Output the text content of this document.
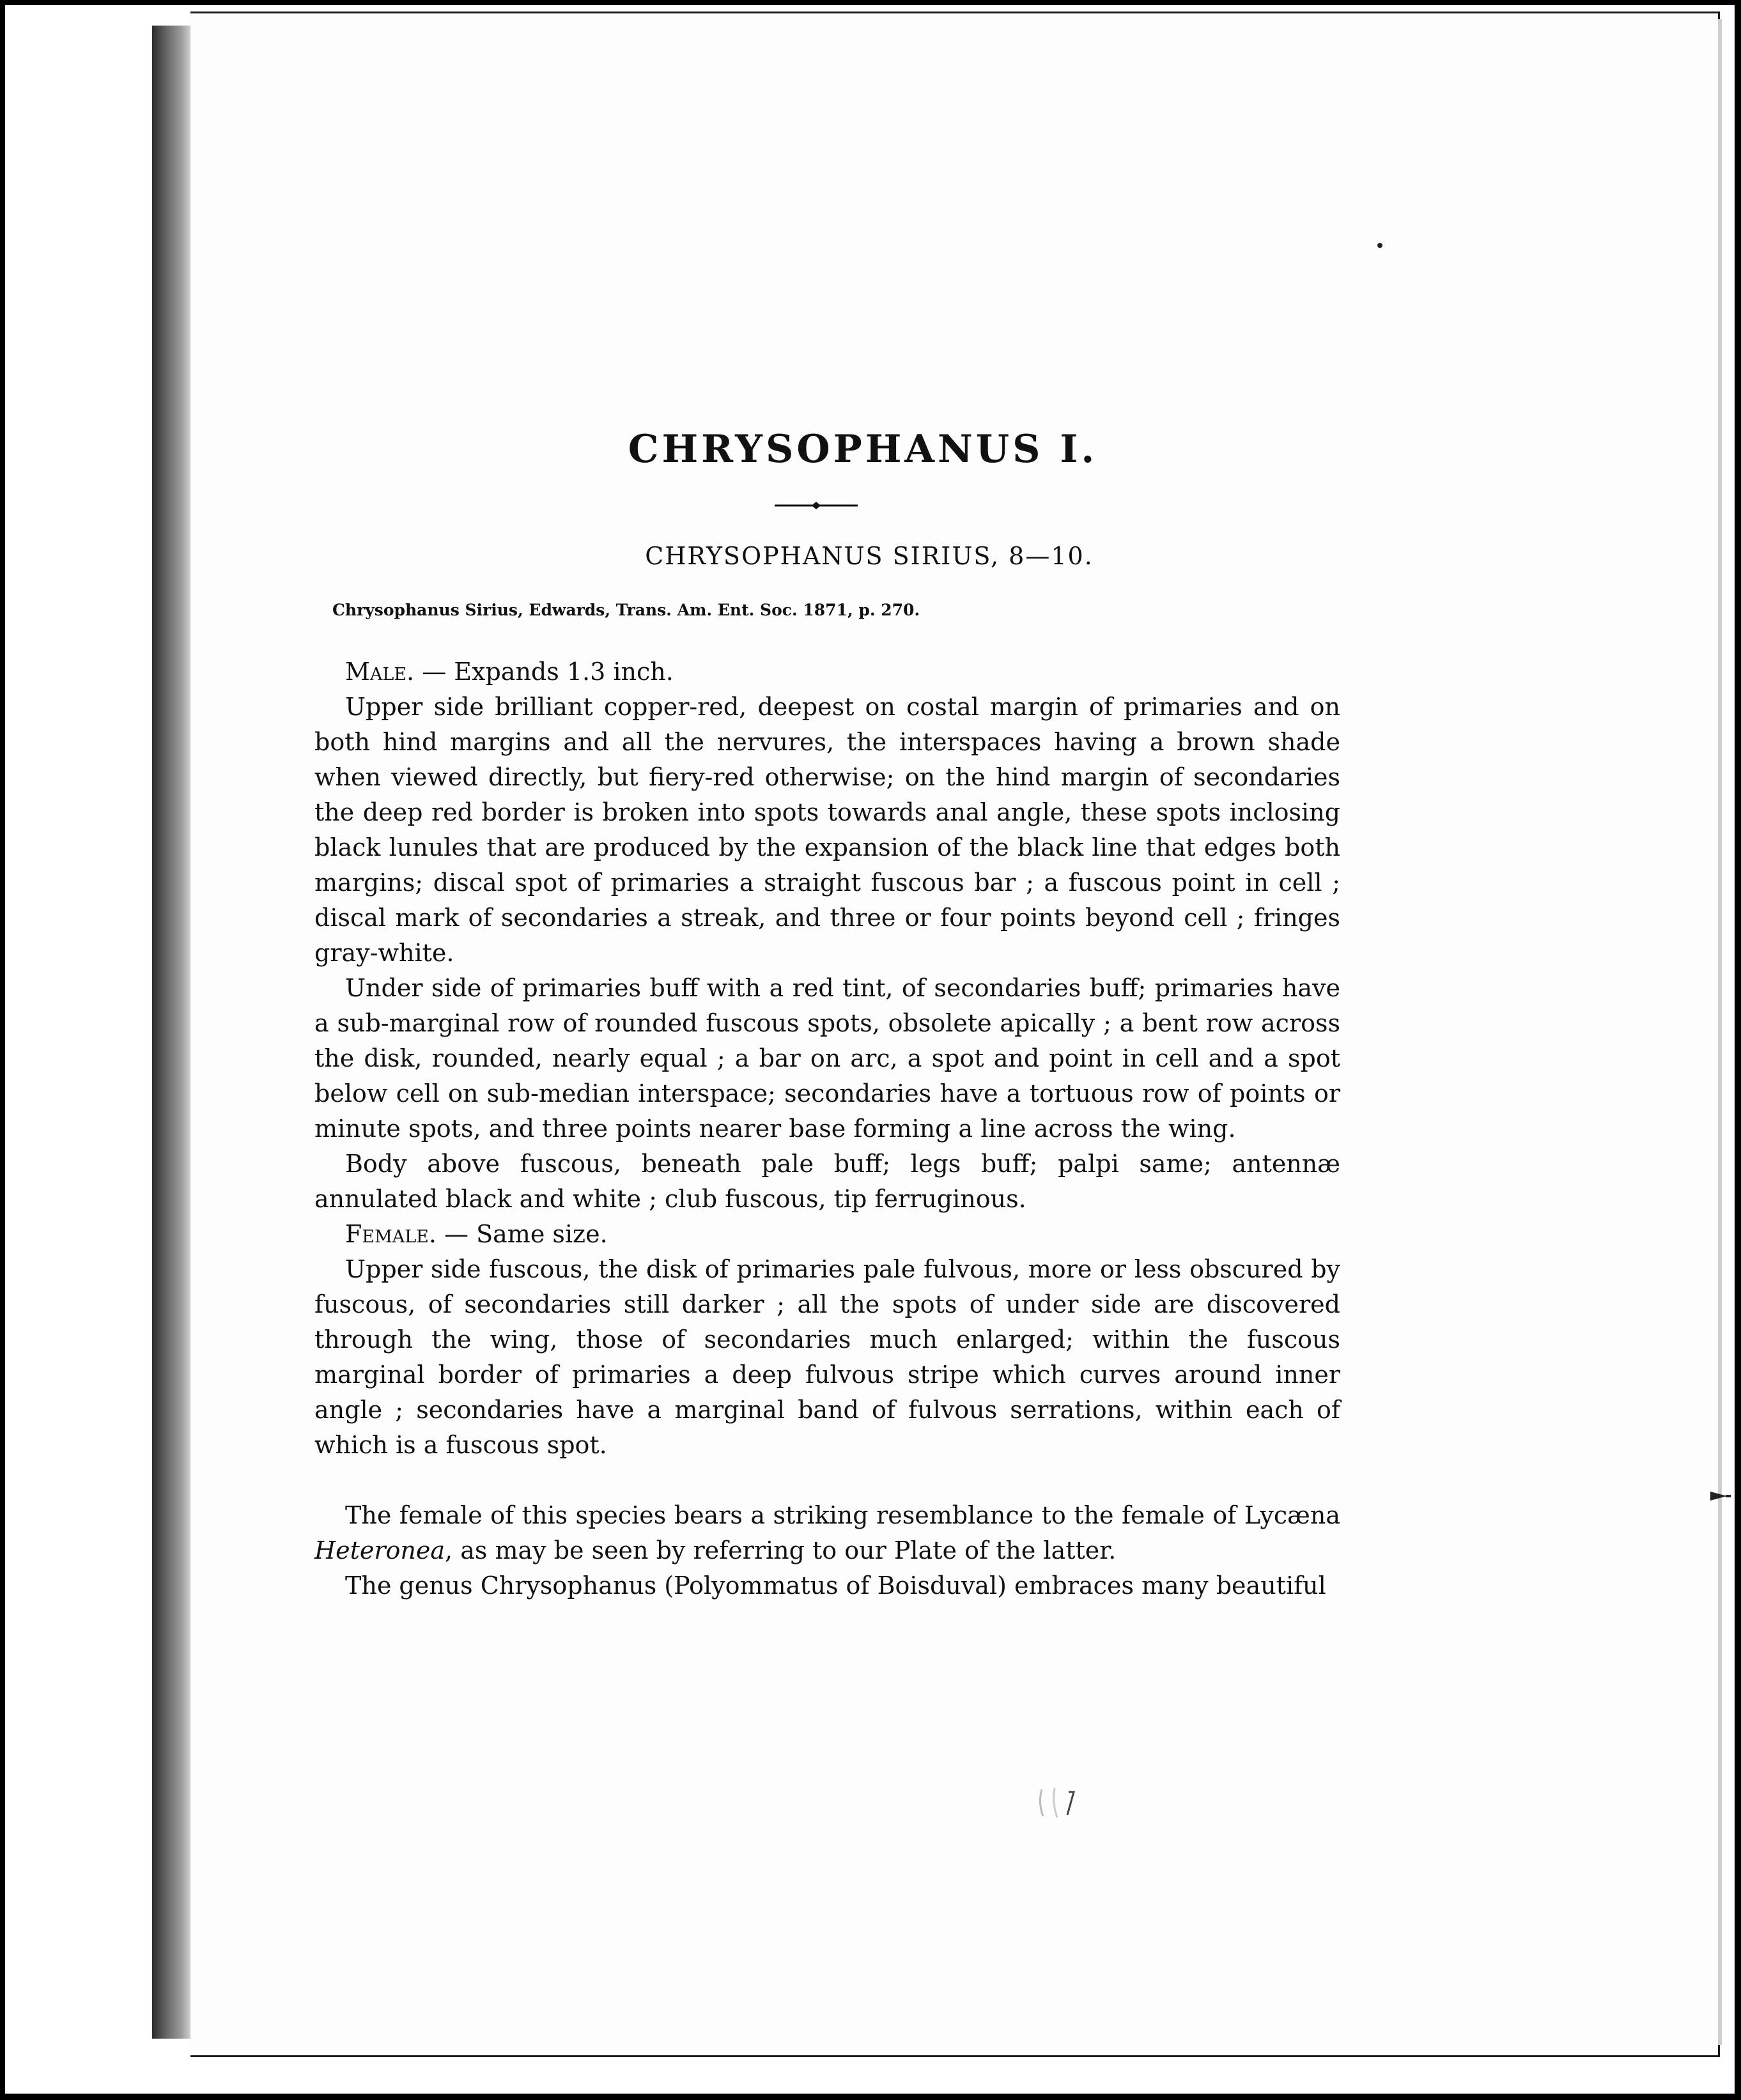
CHRYSOPHANUS I.
CHRYSOPHANUS SIRIUS, 8—10.
Chrysophanus Sirius, Edwards, Trans. Am. Ent. Soc. 1871, p. 270.

Male. — Expands 1.3 inch.

Upper side brilliant copper-red, deepest on costal margin of primaries and on both hind margins and all the nervures, the interspaces having a brown shade when viewed directly, but fiery-red otherwise; on the hind margin of secondaries the deep red border is broken into spots towards anal angle, these spots inclosing black lunules that are produced by the expansion of the black line that edges both margins; discal spot of primaries a straight fuscous bar ; a fuscous point in cell ; discal mark of secondaries a streak, and three or four points beyond cell ; fringes gray-white.

Under side of primaries buff with a red tint, of secondaries buff; primaries have a sub-marginal row of rounded fuscous spots, obsolete apically ; a bent row across the disk, rounded, nearly equal ; a bar on arc, a spot and point in cell and a spot below cell on sub-median interspace; secondaries have a tortuous row of points or minute spots, and three points nearer base forming a line across the wing.

Body above fuscous, beneath pale buff; legs buff; palpi same; antennæ annulated black and white ; club fuscous, tip ferruginous.

Female. — Same size.

Upper side fuscous, the disk of primaries pale fulvous, more or less obscured by fuscous, of secondaries still darker ; all the spots of under side are discovered through the wing, those of secondaries much enlarged; within the fuscous marginal border of primaries a deep fulvous stripe which curves around inner angle ; secondaries have a marginal band of fulvous serrations, within each of which is a fuscous spot.

The female of this species bears a striking resemblance to the female of Lycæna Heteronea, as may be seen by referring to our Plate of the latter.

The genus Chrysophanus (Polyommatus of Boisduval) embraces many beautiful
